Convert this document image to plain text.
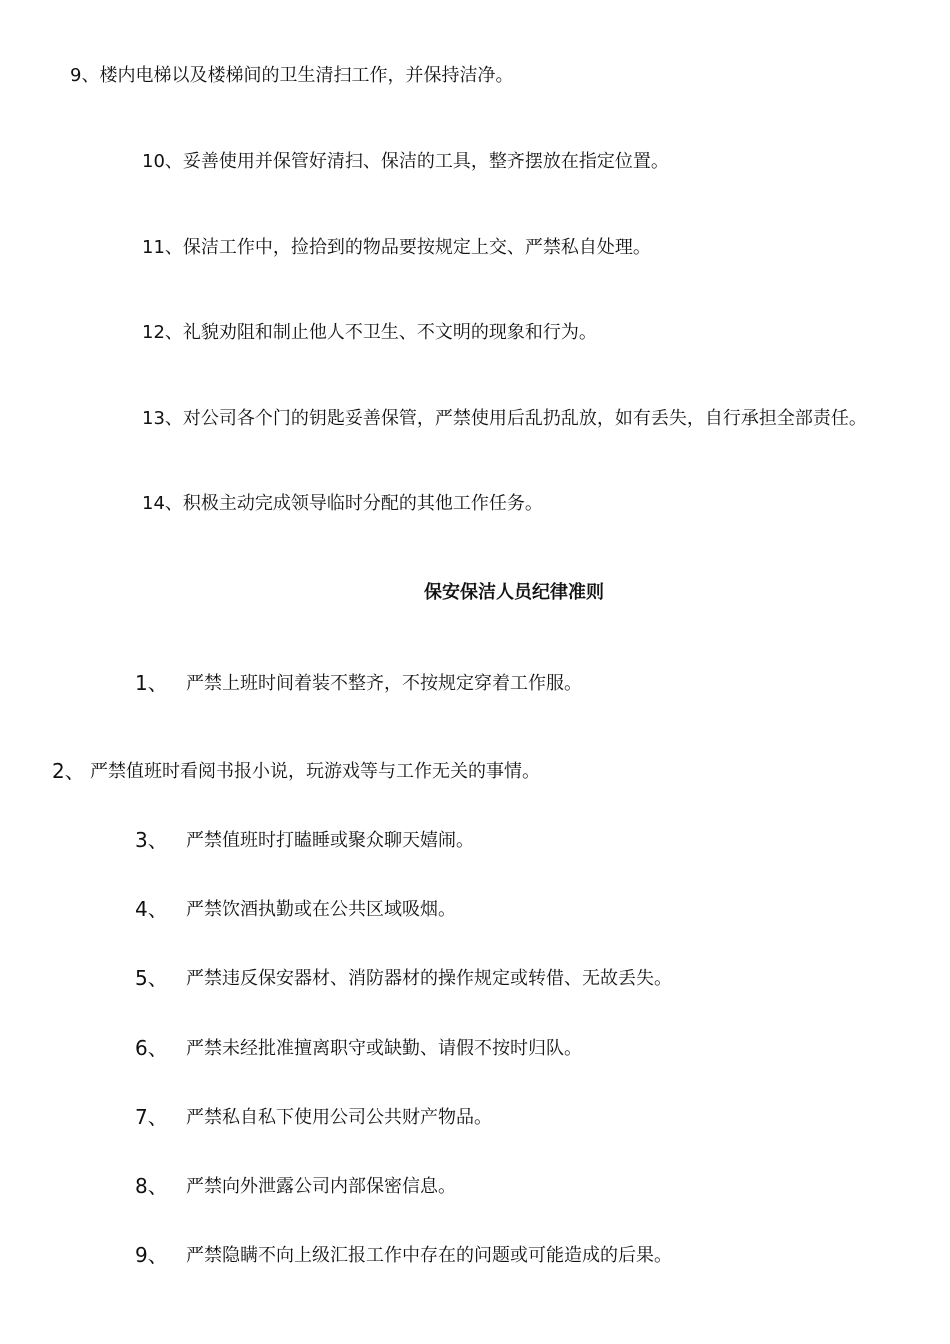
9、楼内电梯以及楼梯间的卫生清扫工作，并保持洁净。
10、妥善使用并保管好清扫、保洁的工具，整齐摆放在指定位置。
11、保洁工作中，捡拾到的物品要按规定上交、严禁私自处理。
12、礼貌劝阻和制止他人不卫生、不文明的现象和行为。
13、对公司各个门的钥匙妥善保管，严禁使用后乱扔乱放，如有丢失，自行承担全部责任。
14、积极主动完成领导临时分配的其他工作任务。
保安保洁人员纪律准则
1、 严禁上班时间着装不整齐，不按规定穿着工作服。
2、 严禁值班时看阅书报小说，玩游戏等与工作无关的事情。
3、 严禁值班时打瞌睡或聚众聊天嬉闹。
4、 严禁饮酒执勤或在公共区域吸烟。
5、 严禁违反保安器材、消防器材的操作规定或转借、无故丢失。
6、 严禁未经批准擅离职守或缺勤、请假不按时归队。
7、 严禁私自私下使用公司公共财产物品。
8、 严禁向外泄露公司内部保密信息。
9、 严禁隐瞒不向上级汇报工作中存在的问题或可能造成的后果。
